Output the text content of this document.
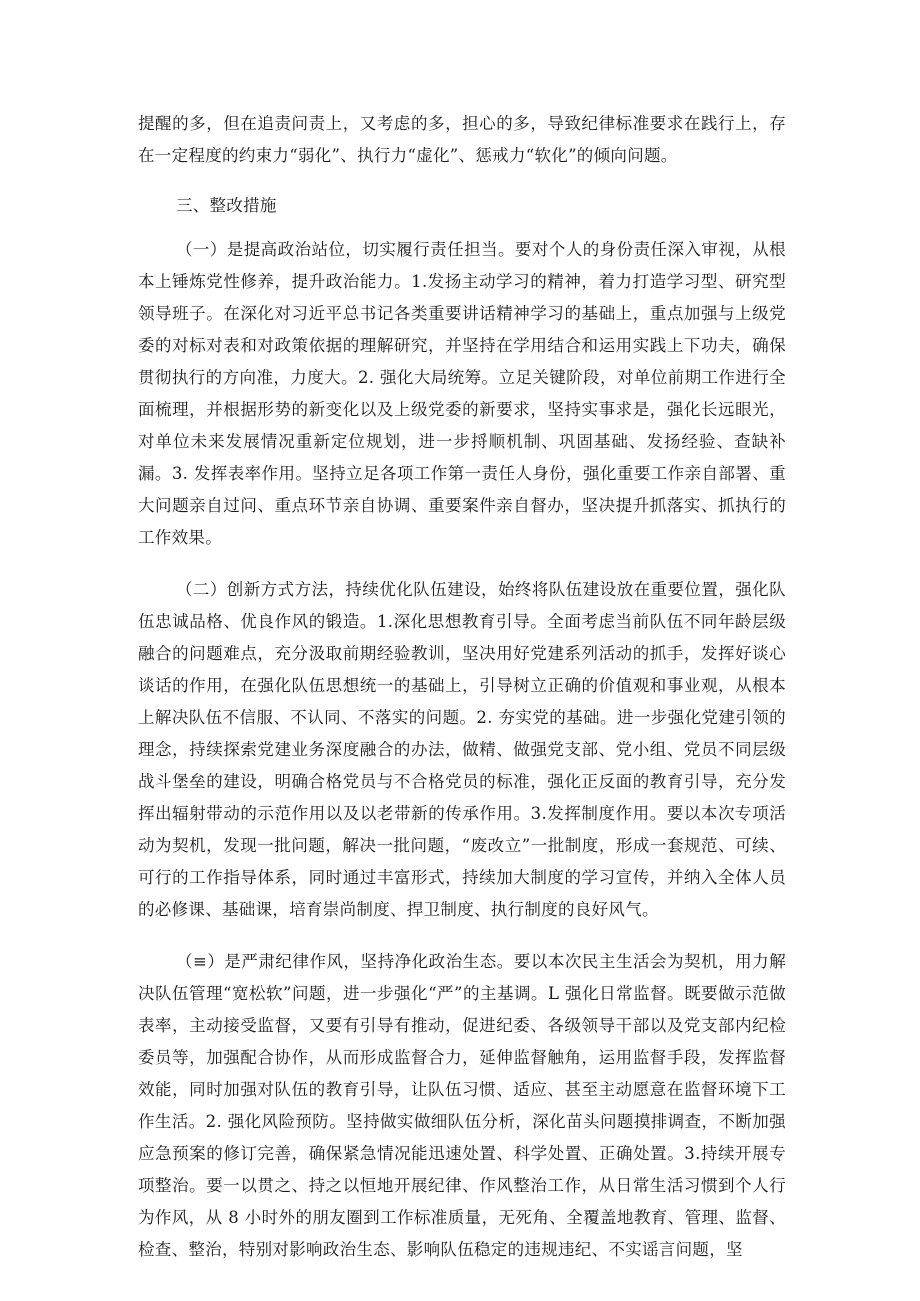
提醒的多，但在追责问责上，又考虑的多，担心的多，导致纪律标准要求在践行上，存在一定程度的约束力“弱化”、执行力“虚化”、惩戒力“软化”的倾向问题。

三、整改措施

（一）是提高政治站位，切实履行责任担当。要对个人的身份责任深入审视，从根本上锤炼党性修养，提升政治能力。1.发扬主动学习的精神，着力打造学习型、研究型领导班子。在深化对习近平总书记各类重要讲话精神学习的基础上，重点加强与上级党委的对标对表和对政策依据的理解研究，并坚持在学用结合和运用实践上下功夫，确保贯彻执行的方向准，力度大。2. 强化大局统筹。立足关键阶段，对单位前期工作进行全面梳理，并根据形势的新变化以及上级党委的新要求，坚持实事求是，强化长远眼光，对单位未来发展情况重新定位规划，进一步捋顺机制、巩固基础、发扬经验、查缺补漏。3. 发挥表率作用。坚持立足各项工作第一责任人身份，强化重要工作亲自部署、重大问题亲自过问、重点环节亲自协调、重要案件亲自督办，坚决提升抓落实、抓执行的工作效果。

（二）创新方式方法，持续优化队伍建设，始终将队伍建设放在重要位置，强化队伍忠诚品格、优良作风的锻造。1.深化思想教育引导。全面考虑当前队伍不同年龄层级融合的问题难点，充分汲取前期经验教训，坚决用好党建系列活动的抓手，发挥好谈心谈话的作用，在强化队伍思想统一的基础上，引导树立正确的价值观和事业观，从根本上解决队伍不信服、不认同、不落实的问题。2. 夯实党的基础。进一步强化党建引领的理念，持续探索党建业务深度融合的办法，做精、做强党支部、党小组、党员不同层级战斗堡垒的建设，明确合格党员与不合格党员的标准，强化正反面的教育引导，充分发挥出辐射带动的示范作用以及以老带新的传承作用。3.发挥制度作用。要以本次专项活动为契机，发现一批问题，解决一批问题，“废改立”一批制度，形成一套规范、可续、可行的工作指导体系，同时通过丰富形式，持续加大制度的学习宣传，并纳入全体人员的必修课、基础课，培育崇尚制度、捍卫制度、执行制度的良好风气。

（≡）是严肃纪律作风，坚持净化政治生态。要以本次民主生活会为契机，用力解决队伍管理“宽松软”问题，进一步强化“严”的主基调。L 强化日常监督。既要做示范做表率，主动接受监督，又要有引导有推动，促进纪委、各级领导干部以及党支部内纪检委员等，加强配合协作，从而形成监督合力，延伸监督触角，运用监督手段，发挥监督效能，同时加强对队伍的教育引导，让队伍习惯、适应、甚至主动愿意在监督环境下工作生活。2. 强化风险预防。坚持做实做细队伍分析，深化苗头问题摸排调查，不断加强应急预案的修订完善，确保紧急情况能迅速处置、科学处置、正确处置。3.持续开展专项整治。要一以贯之、持之以恒地开展纪律、作风整治工作，从日常生活习惯到个人行为作风，从 8 小时外的朋友圈到工作标准质量，无死角、全覆盖地教育、管理、监督、检查、整治，特别对影响政治生态、影响队伍稳定的违规违纪、不实谣言问题，坚
